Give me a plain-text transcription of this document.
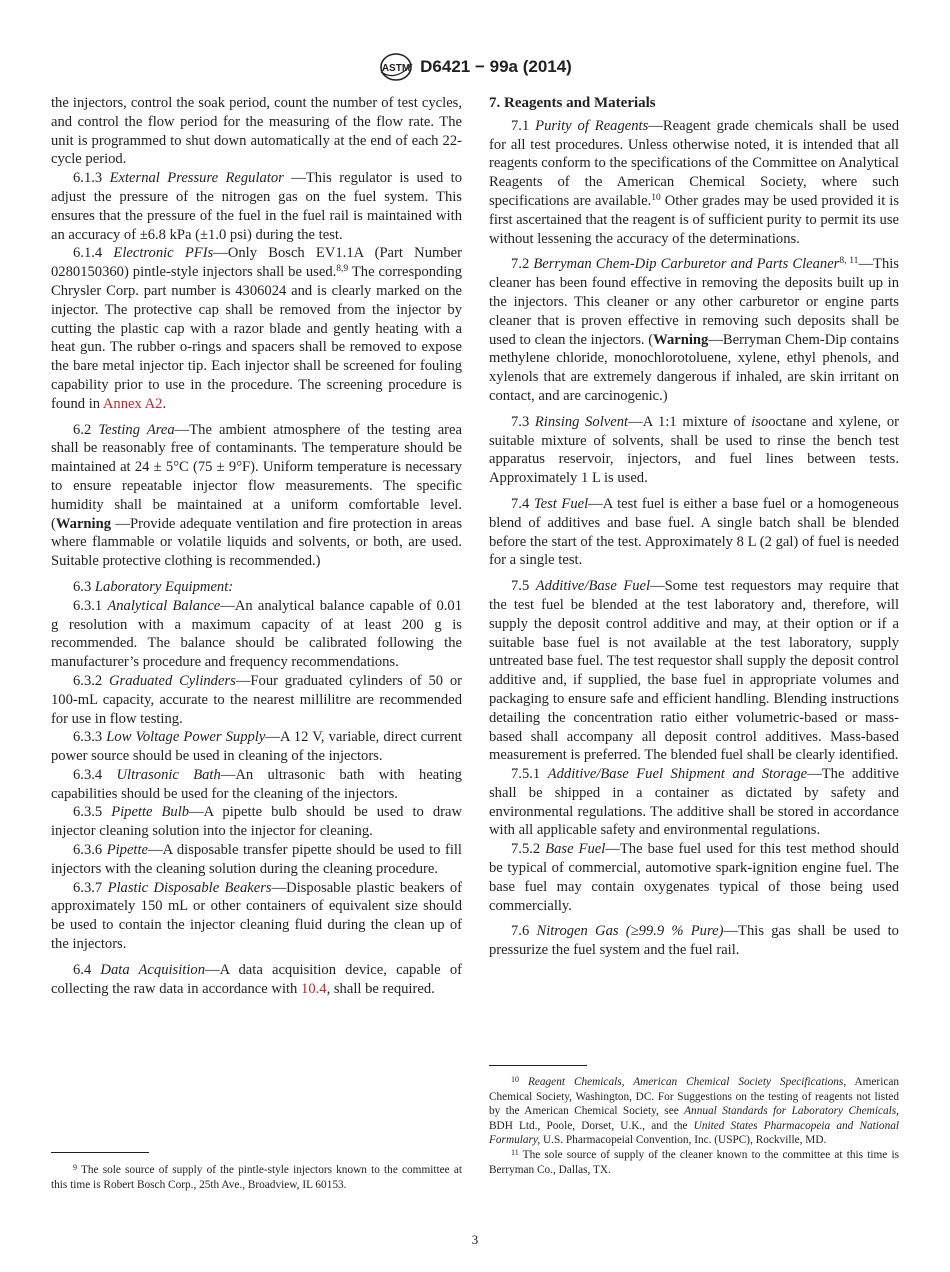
ASTM D6421 − 99a (2014)

the injectors, control the soak period, count the number of test cycles, and control the flow period for the measuring of the flow rate. The unit is programmed to shut down automatically at the end of each 22-cycle period.

6.1.3 External Pressure Regulator —This regulator is used to adjust the pressure of the nitrogen gas on the fuel system. This ensures that the pressure of the fuel in the fuel rail is maintained with an accuracy of ±6.8 kPa (±1.0 psi) during the test.

6.1.4 Electronic PFIs—Only Bosch EV1.1A (Part Number 0280150360) pintle-style injectors shall be used.$^{8,9}$ The corresponding Chrysler Corp. part number is 4306024 and is clearly marked on the injector. The protective cap shall be removed from the injector by cutting the plastic cap with a razor blade and gently heating with a heat gun. The rubber o-rings and spacers shall be removed to expose the bare metal injector tip. Each injector shall be screened for fouling capability prior to use in the procedure. The screening procedure is found in Annex A2.

6.2 Testing Area—The ambient atmosphere of the testing area shall be reasonably free of contaminants. The temperature should be maintained at 24 ± 5°C (75 ± 9°F). Uniform temperature is necessary to ensure repeatable injector flow measurements. The specific humidity shall be maintained at a uniform comfortable level. (Warning —Provide adequate ventilation and fire protection in areas where flammable or volatile liquids and solvents, or both, are used. Suitable protective clothing is recommended.)

6.3 Laboratory Equipment:

6.3.1 Analytical Balance—An analytical balance capable of 0.01 g resolution with a maximum capacity of at least 200 g is recommended. The balance should be calibrated following the manufacturer’s procedure and frequency recommendations.

6.3.2 Graduated Cylinders—Four graduated cylinders of 50 or 100-mL capacity, accurate to the nearest millilitre are recommended for use in flow testing.

6.3.3 Low Voltage Power Supply—A 12 V, variable, direct current power source should be used in cleaning of the injectors.

6.3.4 Ultrasonic Bath—An ultrasonic bath with heating capabilities should be used for the cleaning of the injectors.

6.3.5 Pipette Bulb—A pipette bulb should be used to draw injector cleaning solution into the injector for cleaning.

6.3.6 Pipette—A disposable transfer pipette should be used to fill injectors with the cleaning solution during the cleaning procedure.

6.3.7 Plastic Disposable Beakers—Disposable plastic beakers of approximately 150 mL or other containers of equivalent size should be used to contain the injector cleaning fluid during the clean up of the injectors.

6.4 Data Acquisition—A data acquisition device, capable of collecting the raw data in accordance with 10.4, shall be required.

$^9$ The sole source of supply of the pintle-style injectors known to the committee at this time is Robert Bosch Corp., 25th Ave., Broadview, IL 60153.

7. Reagents and Materials

7.1 Purity of Reagents—Reagent grade chemicals shall be used for all test procedures. Unless otherwise noted, it is intended that all reagents conform to the specifications of the Committee on Analytical Reagents of the American Chemical Society, where such specifications are available.$^{10}$ Other grades may be used provided it is first ascertained that the reagent is of sufficient purity to permit its use without lessening the accuracy of the determinations.

7.2 Berryman Chem-Dip Carburetor and Parts Cleaner$^{8, 11}$—This cleaner has been found effective in removing the deposits built up in the injectors. This cleaner or any other carburetor or engine parts cleaner that is proven effective in removing such deposits shall be used to clean the injectors. (Warning—Berryman Chem-Dip contains methylene chloride, monochlorotoluene, xylene, ethyl phenols, and xylenols that are extremely dangerous if inhaled, are skin irritant on contact, and are carcinogenic.)

7.3 Rinsing Solvent—A 1:1 mixture of isooctane and xylene, or suitable mixture of solvents, shall be used to rinse the bench test apparatus reservoir, injectors, and fuel lines between tests. Approximately 1 L is used.

7.4 Test Fuel—A test fuel is either a base fuel or a homogeneous blend of additives and base fuel. A single batch shall be blended before the start of the test. Approximately 8 L (2 gal) of fuel is needed for a single test.

7.5 Additive/Base Fuel—Some test requestors may require that the test fuel be blended at the test laboratory and, therefore, will supply the deposit control additive and may, at their option or if a suitable base fuel is not available at the test laboratory, supply untreated base fuel. The test requestor shall supply the deposit control additive and, if supplied, the base fuel in appropriate volumes and packaging to ensure safe and efficient handling. Blending instructions detailing the concentration ratio either volumetric-based or mass-based shall accompany all deposit control additives. Mass-based measurement is preferred. The blended fuel shall be clearly identified.

7.5.1 Additive/Base Fuel Shipment and Storage—The additive shall be shipped in a container as dictated by safety and environmental regulations. The additive shall be stored in accordance with all applicable safety and environmental regulations.

7.5.2 Base Fuel—The base fuel used for this test method should be typical of commercial, automotive spark-ignition engine fuel. The base fuel may contain oxygenates typical of those being used commercially.

7.6 Nitrogen Gas (≥99.9 % Pure)—This gas shall be used to pressurize the fuel system and the fuel rail.

$^{10}$ Reagent Chemicals, American Chemical Society Specifications, American Chemical Society, Washington, DC. For Suggestions on the testing of reagents not listed by the American Chemical Society, see Annual Standards for Laboratory Chemicals, BDH Ltd., Poole, Dorset, U.K., and the United States Pharmacopeia and National Formulary, U.S. Pharmacopeial Convention, Inc. (USPC), Rockville, MD.

$^{11}$ The sole source of supply of the cleaner known to the committee at this time is Berryman Co., Dallas, TX.

3
